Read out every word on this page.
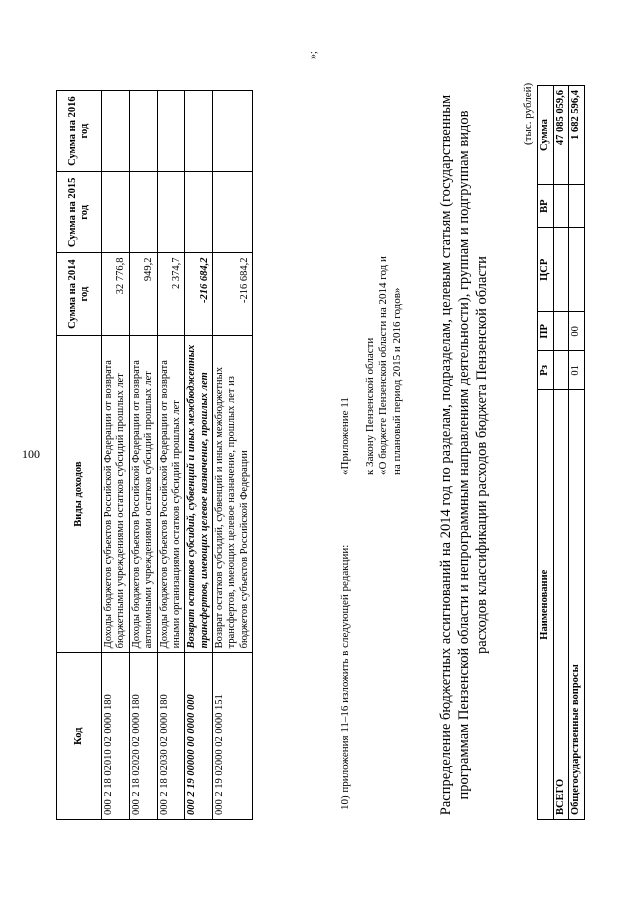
100
Код	Виды доходов	Сумма на 2014 год	Сумма на 2015 год	Сумма на 2016 год
000 2 18 02010 02 0000 180	Доходы бюджетов субъектов Российской Федерации от возврата бюджетными учреждениями остатков субсидий прошлых лет	32 776,8		
000 2 18 02020 02 0000 180	Доходы бюджетов субъектов Российской Федерации от возврата автономными учреждениями остатков субсидий прошлых лет	949,2		
000 2 18 02030 02 0000 180	Доходы бюджетов субъектов Российской Федерации от возврата иными организациями остатков субсидий прошлых лет	2 374,7		
000 2 19 00000 00 0000 000	Возврат остатков субсидий, субвенций и иных межбюджетных трансфертов, имеющих целевое назначение, прошлых лет	-216 684,2		
000 2 19 02000 02 0000 151	Возврат остатков субсидий, субвенций и иных межбюджетных трансфертов, имеющих целевое назначение, прошлых лет из бюджетов субъектов Российской Федерации	-216 684,2		
»;
10) приложения 11–16 изложить в следующей редакции:
«Приложение 11 к Закону Пензенской области «О бюджете Пензенской области на 2014 год и на плановый период 2015 и 2016 годов» Распределение бюджетных ассигнований на 2014 год по разделам, подразделам, целевым статьям (государственным программам Пензенской области и непрограммным направлениям деятельности), группам и подгруппам видов расходов классификации расходов бюджета Пензенской области
(тыс. рублей)
Наименование	Рз	ПР	ЦСР	ВР	Сумма
ВСЕГО					47 085 059,6
Общегосударственные вопросы	01	00			1 682 596,4
